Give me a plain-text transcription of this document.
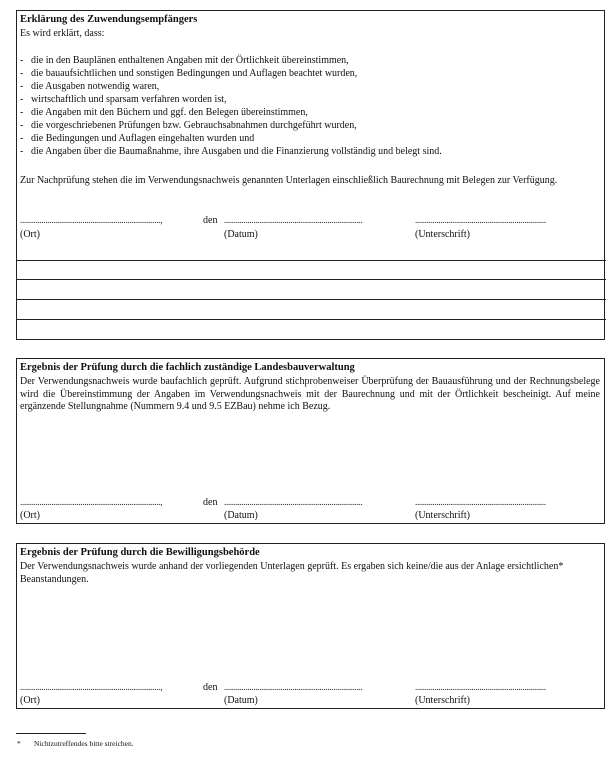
Erklärung des Zuwendungsempfängers
Es wird erklärt, dass:
- die in den Bauplänen enthaltenen Angaben mit der Örtlichkeit übereinstimmen,
- die bauaufsichtlichen und sonstigen Bedingungen und Auflagen beachtet wurden,
- die Ausgaben notwendig waren,
- wirtschaftlich und sparsam verfahren worden ist,
- die Angaben mit den Büchern und ggf. den Belegen übereinstimmen,
- die vorgeschriebenen Prüfungen bzw. Gebrauchsabnahmen durchgeführt wurden,
- die Bedingungen und Auflagen eingehalten wurden und
- die Angaben über die Baumaßnahme, ihre Ausgaben und die Finanzierung vollständig und belegt sind.
Zur Nachprüfung stehen die im Verwendungsnachweis genannten Unterlagen einschließlich Baurechnung mit Belegen zur Verfügung.
........................................................................,	den .......................................................................	...................................................................
(Ort)	(Datum)	(Unterschrift)
Ergebnis der Prüfung durch die fachlich zuständige Landesbauverwaltung
Der Verwendungsnachweis wurde baufachlich geprüft. Aufgrund stichprobenweiser Überprüfung der Bauausführung und der Rechnungsbelege wird die Übereinstimmung der Angaben im Verwendungsnachweis mit der Baurechnung und mit der Örtlichkeit bescheinigt. Auf meine ergänzende Stellungnahme (Nummern 9.4 und 9.5 EZBau) nehme ich Bezug.
........................................................................,	den .......................................................................	...................................................................
(Ort)	(Datum)	(Unterschrift)
Ergebnis der Prüfung durch die Bewilligungsbehörde
Der Verwendungsnachweis wurde anhand der vorliegenden Unterlagen geprüft. Es ergaben sich keine/die aus der Anlage ersichtlichen* Beanstandungen.
........................................................................,	den .......................................................................	...................................................................
(Ort)	(Datum)	(Unterschrift)
* Nichtzutreffendes bitte streichen.
